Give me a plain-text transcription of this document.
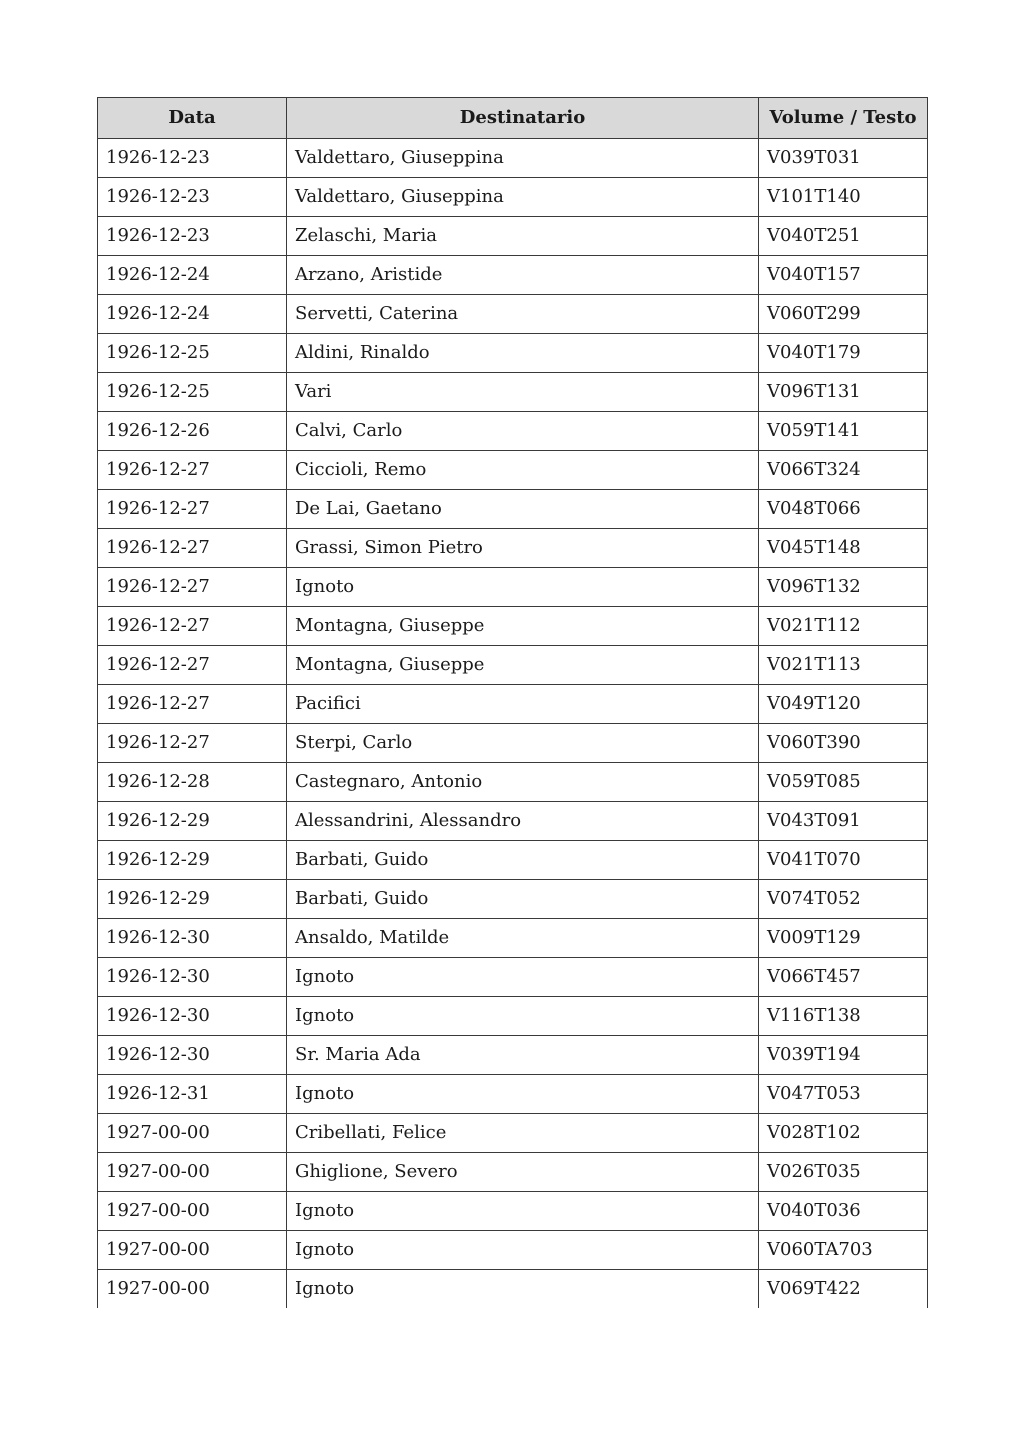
Data	Destinatario	Volume / Testo
1926-12-23	Valdettaro, Giuseppina	V039T031
1926-12-23	Valdettaro, Giuseppina	V101T140
1926-12-23	Zelaschi, Maria	V040T251
1926-12-24	Arzano, Aristide	V040T157
1926-12-24	Servetti, Caterina	V060T299
1926-12-25	Aldini, Rinaldo	V040T179
1926-12-25	Vari	V096T131
1926-12-26	Calvi, Carlo	V059T141
1926-12-27	Ciccioli, Remo	V066T324
1926-12-27	De Lai, Gaetano	V048T066
1926-12-27	Grassi, Simon Pietro	V045T148
1926-12-27	Ignoto	V096T132
1926-12-27	Montagna, Giuseppe	V021T112
1926-12-27	Montagna, Giuseppe	V021T113
1926-12-27	Pacifici	V049T120
1926-12-27	Sterpi, Carlo	V060T390
1926-12-28	Castegnaro, Antonio	V059T085
1926-12-29	Alessandrini, Alessandro	V043T091
1926-12-29	Barbati, Guido	V041T070
1926-12-29	Barbati, Guido	V074T052
1926-12-30	Ansaldo, Matilde	V009T129
1926-12-30	Ignoto	V066T457
1926-12-30	Ignoto	V116T138
1926-12-30	Sr. Maria Ada	V039T194
1926-12-31	Ignoto	V047T053
1927-00-00	Cribellati, Felice	V028T102
1927-00-00	Ghiglione, Severo	V026T035
1927-00-00	Ignoto	V040T036
1927-00-00	Ignoto	V060TA703
1927-00-00	Ignoto	V069T422
